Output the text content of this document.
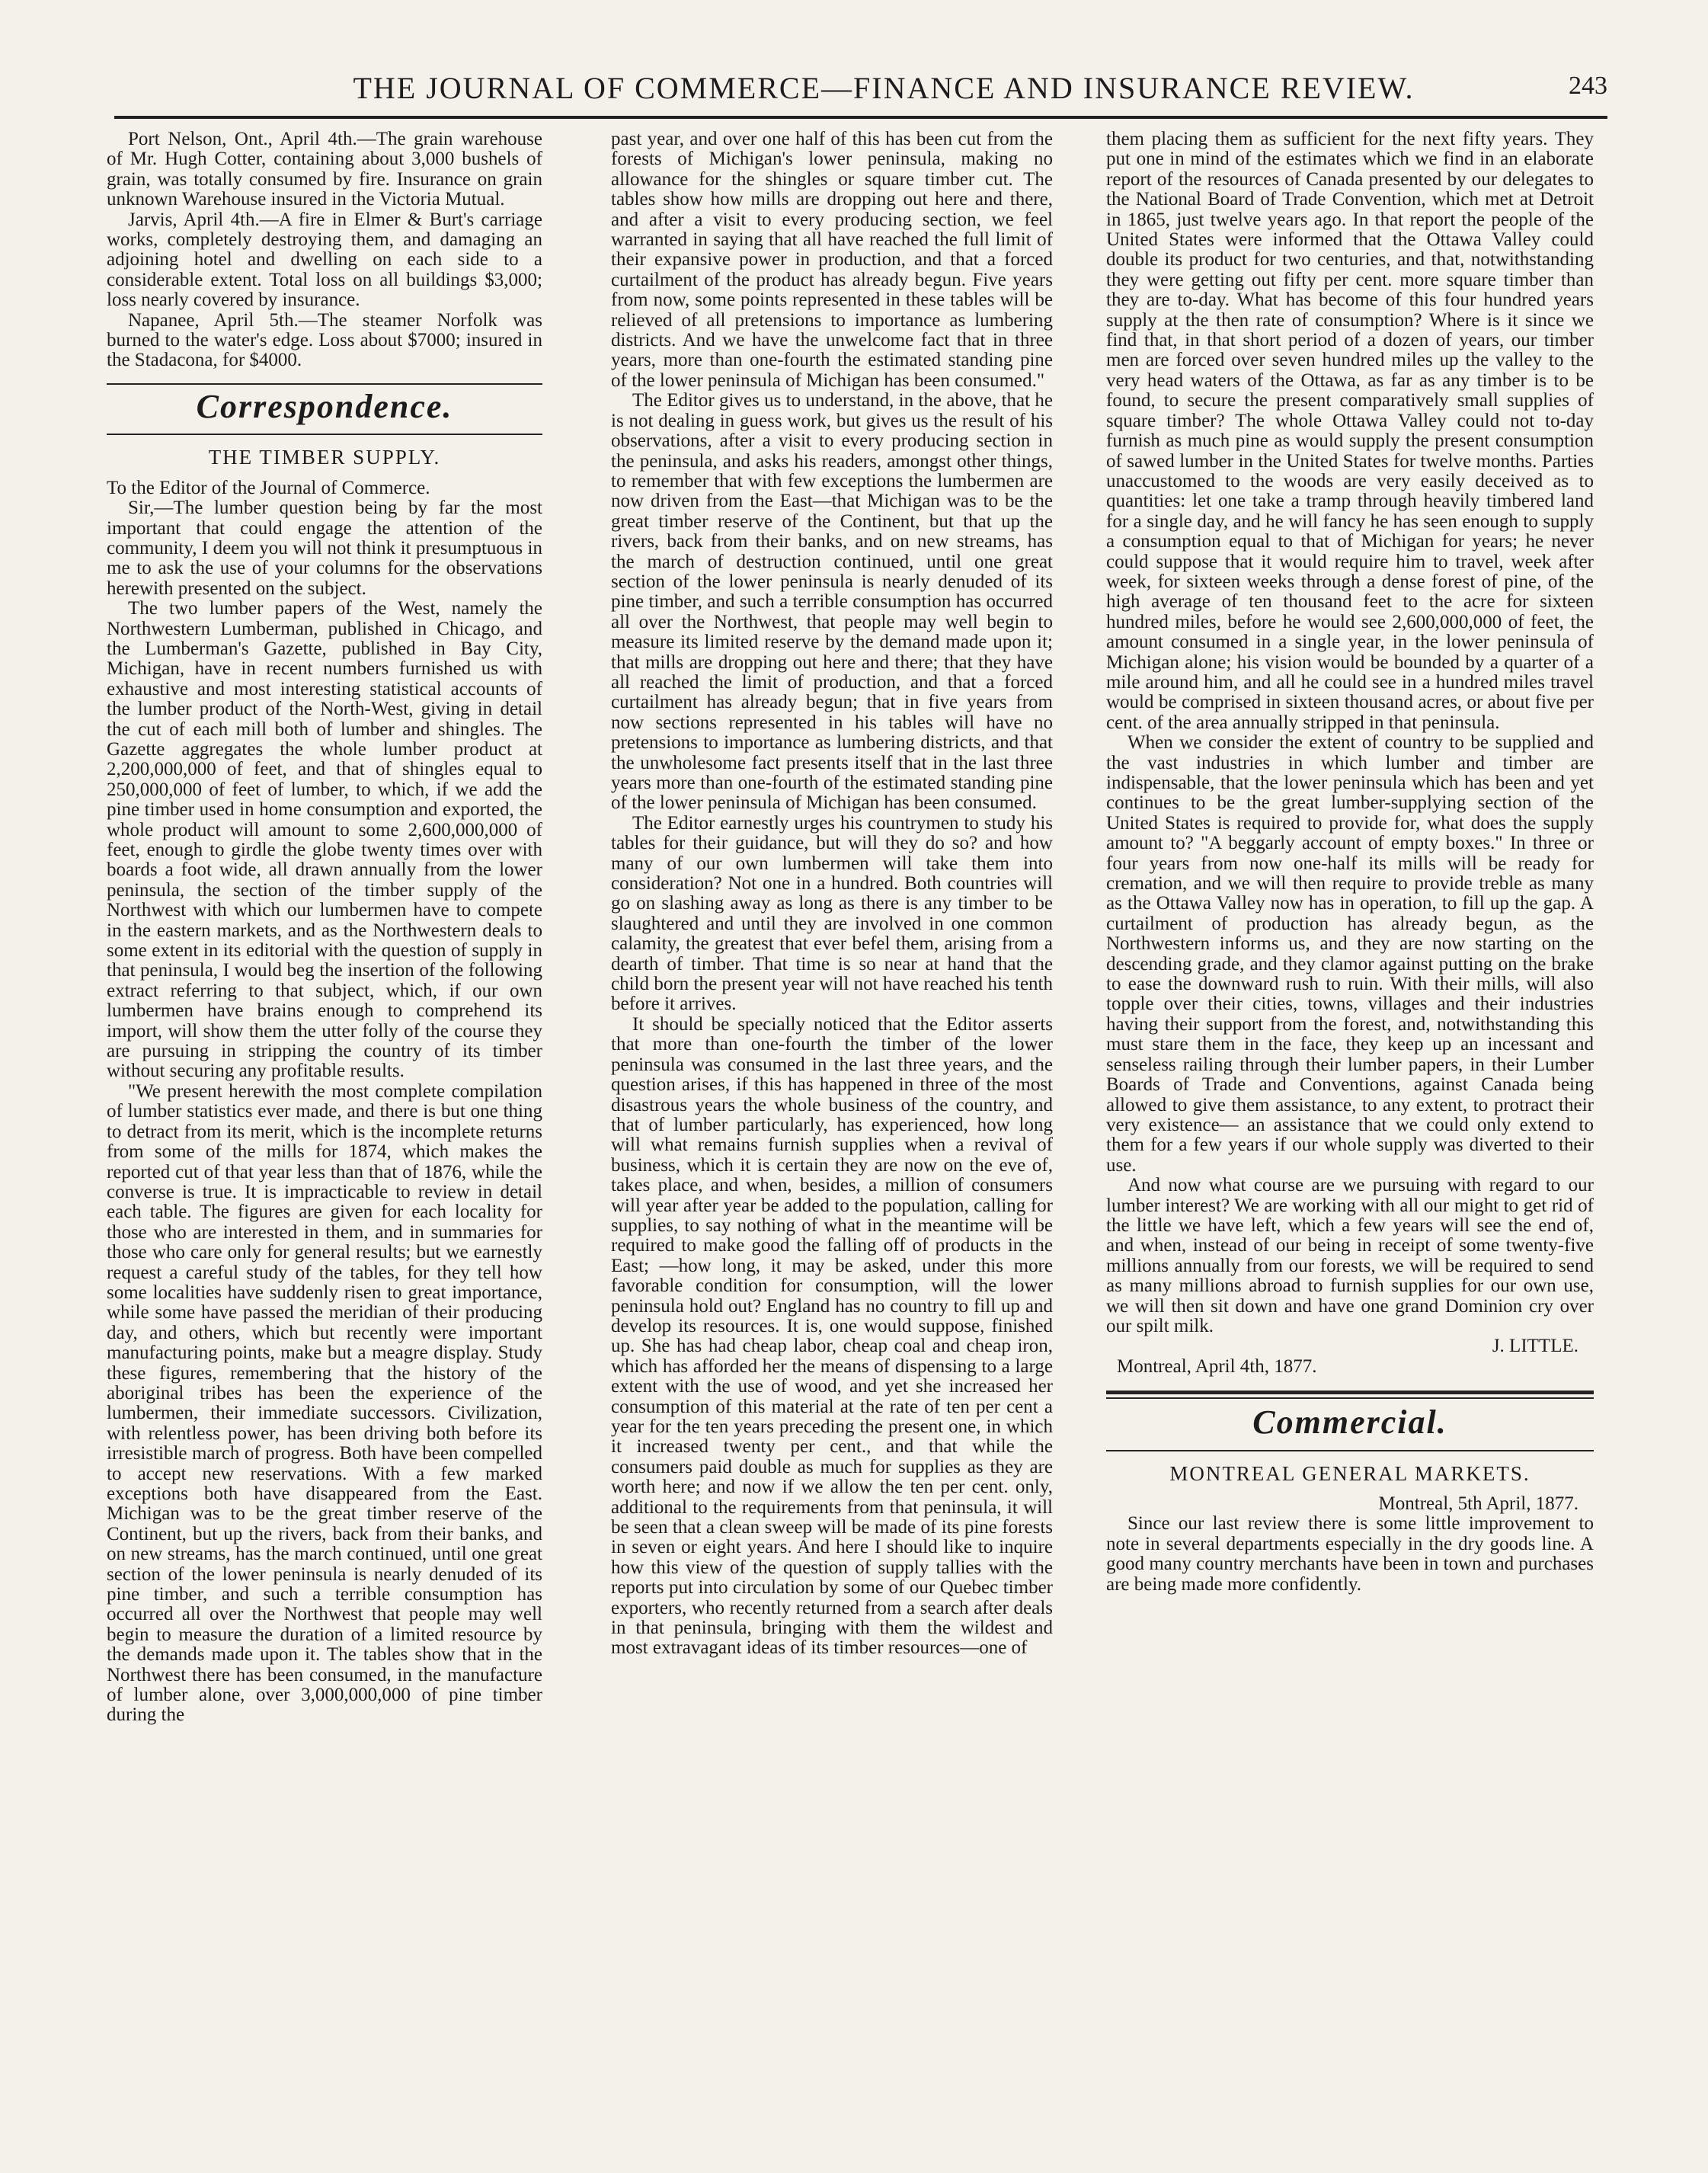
THE JOURNAL OF COMMERCE—FINANCE AND INSURANCE REVIEW.	243

Port Nelson, Ont., April 4th.—The grain warehouse of Mr. Hugh Cotter, containing about 3,000 bushels of grain, was totally consumed by fire. Insurance on grain unknown Warehouse insured in the Victoria Mutual.

Jarvis, April 4th.—A fire in Elmer & Burt's carriage works, completely destroying them, and damaging an adjoining hotel and dwelling on each side to a considerable extent. Total loss on all buildings $3,000; loss nearly covered by insurance.

Napanee, April 5th.—The steamer Norfolk was burned to the water's edge. Loss about $7000; insured in the Stadacona, for $4000.

Correspondence.
THE TIMBER SUPPLY.

To the Editor of the Journal of Commerce.

Sir,—The lumber question being by far the most important that could engage the attention of the community, I deem you will not think it presumptuous in me to ask the use of your columns for the observations herewith presented on the subject.

The two lumber papers of the West, namely the Northwestern Lumberman, published in Chicago, and the Lumberman's Gazette, published in Bay City, Michigan, have in recent numbers furnished us with exhaustive and most interesting statistical accounts of the lumber product of the North-West, giving in detail the cut of each mill both of lumber and shingles. The Gazette aggregates the whole lumber product at 2,200,000,000 of feet, and that of shingles equal to 250,000,000 of feet of lumber, to which, if we add the pine timber used in home consumption and exported, the whole product will amount to some 2,600,000,000 of feet, enough to girdle the globe twenty times over with boards a foot wide, all drawn annually from the lower peninsula, the section of the timber supply of the Northwest with which our lumbermen have to compete in the eastern markets, and as the Northwestern deals to some extent in its editorial with the question of supply in that peninsula, I would beg the insertion of the following extract referring to that subject, which, if our own lumbermen have brains enough to comprehend its import, will show them the utter folly of the course they are pursuing in stripping the country of its timber without securing any profitable results.

"We present herewith the most complete compilation of lumber statistics ever made, and there is but one thing to detract from its merit, which is the incomplete returns from some of the mills for 1874, which makes the reported cut of that year less than that of 1876, while the converse is true. It is impracticable to review in detail each table. The figures are given for each locality for those who are interested in them, and in summaries for those who care only for general results; but we earnestly request a careful study of the tables, for they tell how some localities have suddenly risen to great importance, while some have passed the meridian of their producing day, and others, which but recently were important manufacturing points, make but a meagre display. Study these figures, remembering that the history of the aboriginal tribes has been the experience of the lumbermen, their immediate successors. Civilization, with relentless power, has been driving both before its irresistible march of progress. Both have been compelled to accept new reservations. With a few marked exceptions both have disappeared from the East. Michigan was to be the great timber reserve of the Continent, but up the rivers, back from their banks, and on new streams, has the march continued, until one great section of the lower peninsula is nearly denuded of its pine timber, and such a terrible consumption has occurred all over the Northwest that people may well begin to measure the duration of a limited resource by the demands made upon it. The tables show that in the Northwest there has been consumed, in the manufacture of lumber alone, over 3,000,000,000 of pine timber during the

past year, and over one half of this has been cut from the forests of Michigan's lower peninsula, making no allowance for the shingles or square timber cut. The tables show how mills are dropping out here and there, and after a visit to every producing section, we feel warranted in saying that all have reached the full limit of their expansive power in production, and that a forced curtailment of the product has already begun. Five years from now, some points represented in these tables will be relieved of all pretensions to importance as lumbering districts. And we have the unwelcome fact that in three years, more than one-fourth the estimated standing pine of the lower peninsula of Michigan has been consumed."

The Editor gives us to understand, in the above, that he is not dealing in guess work, but gives us the result of his observations, after a visit to every producing section in the peninsula, and asks his readers, amongst other things, to remember that with few exceptions the lumbermen are now driven from the East—that Michigan was to be the great timber reserve of the Continent, but that up the rivers, back from their banks, and on new streams, has the march of destruction continued, until one great section of the lower peninsula is nearly denuded of its pine timber, and such a terrible consumption has occurred all over the Northwest, that people may well begin to measure its limited reserve by the demand made upon it; that mills are dropping out here and there; that they have all reached the limit of production, and that a forced curtailment has already begun; that in five years from now sections represented in his tables will have no pretensions to importance as lumbering districts, and that the unwholesome fact presents itself that in the last three years more than one-fourth of the estimated standing pine of the lower peninsula of Michigan has been consumed.

The Editor earnestly urges his countrymen to study his tables for their guidance, but will they do so? and how many of our own lumbermen will take them into consideration? Not one in a hundred. Both countries will go on slashing away as long as there is any timber to be slaughtered and until they are involved in one common calamity, the greatest that ever befel them, arising from a dearth of timber. That time is so near at hand that the child born the present year will not have reached his tenth before it arrives.

It should be specially noticed that the Editor asserts that more than one-fourth the timber of the lower peninsula was consumed in the last three years, and the question arises, if this has happened in three of the most disastrous years the whole business of the country, and that of lumber particularly, has experienced, how long will what remains furnish supplies when a revival of business, which it is certain they are now on the eve of, takes place, and when, besides, a million of consumers will year after year be added to the population, calling for supplies, to say nothing of what in the meantime will be required to make good the falling off of products in the East; —how long, it may be asked, under this more favorable condition for consumption, will the lower peninsula hold out? England has no country to fill up and develop its resources. It is, one would suppose, finished up. She has had cheap labor, cheap coal and cheap iron, which has afforded her the means of dispensing to a large extent with the use of wood, and yet she increased her consumption of this material at the rate of ten per cent a year for the ten years preceding the present one, in which it increased twenty per cent., and that while the consumers paid double as much for supplies as they are worth here; and now if we allow the ten per cent. only, additional to the requirements from that peninsula, it will be seen that a clean sweep will be made of its pine forests in seven or eight years. And here I should like to inquire how this view of the question of supply tallies with the reports put into circulation by some of our Quebec timber exporters, who recently returned from a search after deals in that peninsula, bringing with them the wildest and most extravagant ideas of its timber resources—one of

them placing them as sufficient for the next fifty years. They put one in mind of the estimates which we find in an elaborate report of the resources of Canada presented by our delegates to the National Board of Trade Convention, which met at Detroit in 1865, just twelve years ago. In that report the people of the United States were informed that the Ottawa Valley could double its product for two centuries, and that, notwithstanding they were getting out fifty per cent. more square timber than they are to-day. What has become of this four hundred years supply at the then rate of consumption? Where is it since we find that, in that short period of a dozen of years, our timber men are forced over seven hundred miles up the valley to the very head waters of the Ottawa, as far as any timber is to be found, to secure the present comparatively small supplies of square timber? The whole Ottawa Valley could not to-day furnish as much pine as would supply the present consumption of sawed lumber in the United States for twelve months. Parties unaccustomed to the woods are very easily deceived as to quantities: let one take a tramp through heavily timbered land for a single day, and he will fancy he has seen enough to supply a consumption equal to that of Michigan for years; he never could suppose that it would require him to travel, week after week, for sixteen weeks through a dense forest of pine, of the high average of ten thousand feet to the acre for sixteen hundred miles, before he would see 2,600,000,000 of feet, the amount consumed in a single year, in the lower peninsula of Michigan alone; his vision would be bounded by a quarter of a mile around him, and all he could see in a hundred miles travel would be comprised in sixteen thousand acres, or about five per cent. of the area annually stripped in that peninsula.

When we consider the extent of country to be supplied and the vast industries in which lumber and timber are indispensable, that the lower peninsula which has been and yet continues to be the great lumber-supplying section of the United States is required to provide for, what does the supply amount to? "A beggarly account of empty boxes." In three or four years from now one-half its mills will be ready for cremation, and we will then require to provide treble as many as the Ottawa Valley now has in operation, to fill up the gap. A curtailment of production has already begun, as the Northwestern informs us, and they are now starting on the descending grade, and they clamor against putting on the brake to ease the downward rush to ruin. With their mills, will also topple over their cities, towns, villages and their industries having their support from the forest, and, notwithstanding this must stare them in the face, they keep up an incessant and senseless railing through their lumber papers, in their Lumber Boards of Trade and Conventions, against Canada being allowed to give them assistance, to any extent, to protract their very existence— an assistance that we could only extend to them for a few years if our whole supply was diverted to their use.

And now what course are we pursuing with regard to our lumber interest? We are working with all our might to get rid of the little we have left, which a few years will see the end of, and when, instead of our being in receipt of some twenty-five millions annually from our forests, we will be required to send as many millions abroad to furnish supplies for our own use, we will then sit down and have one grand Dominion cry over our spilt milk.

J. LITTLE.

Montreal, April 4th, 1877.

Commercial.
MONTREAL GENERAL MARKETS.

Montreal, 5th April, 1877.

Since our last review there is some little improvement to note in several departments especially in the dry goods line. A good many country merchants have been in town and purchases are being made more confidently.
